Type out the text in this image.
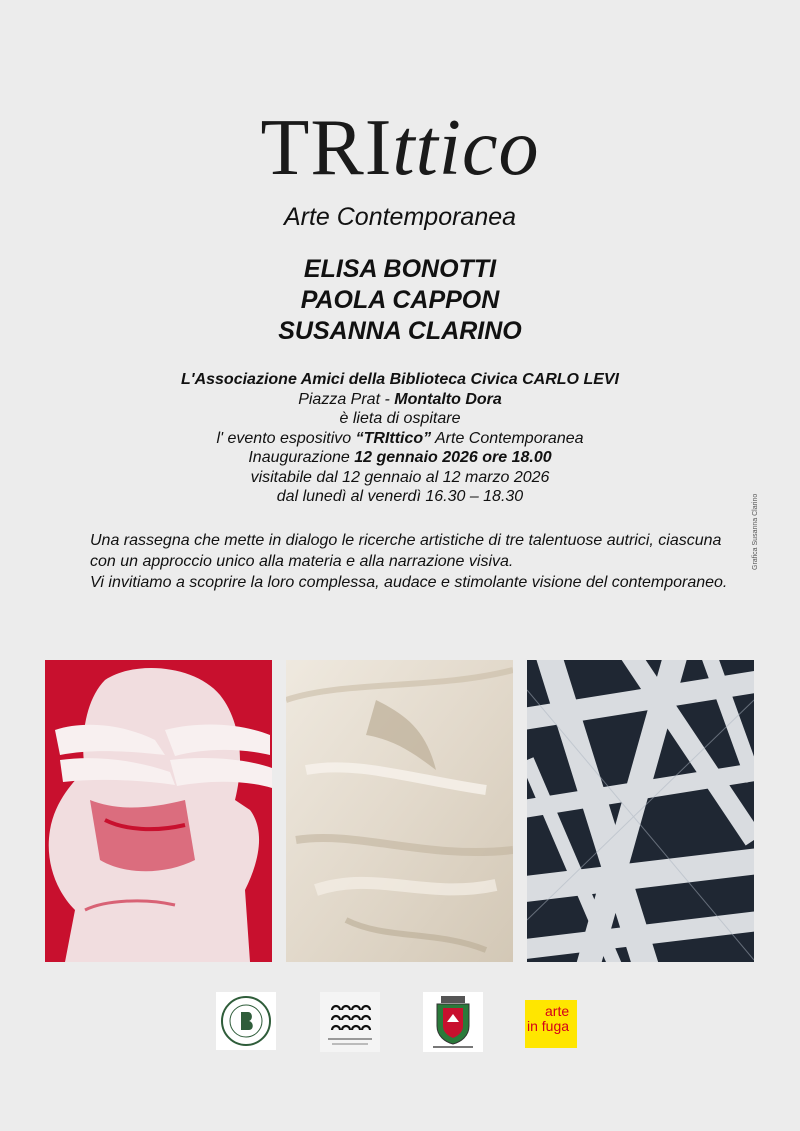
TRIttico
Arte Contemporanea
ELISA BONOTTI
PAOLA CAPPON
SUSANNA CLARINO
L'Associazione Amici della Biblioteca Civica CARLO LEVI
Piazza Prat - Montalto Dora
è lieta di ospitare
l' evento espositivo “TRIttico” Arte Contemporanea
Inaugurazione 12 gennaio 2026 ore 18.00
visitabile dal 12 gennaio al 12 marzo 2026
dal lunedì al venerdì 16.30 – 18.30
Una rassegna che mette in dialogo le ricerche artistiche di tre talentuose autrici, ciascuna con un approccio unico alla materia e alla narrazione visiva.
Vi invitiamo a scoprire la loro complessa, audace e stimolante visione del contemporaneo.
Grafica Susanna Clarino
arte
in fuga
